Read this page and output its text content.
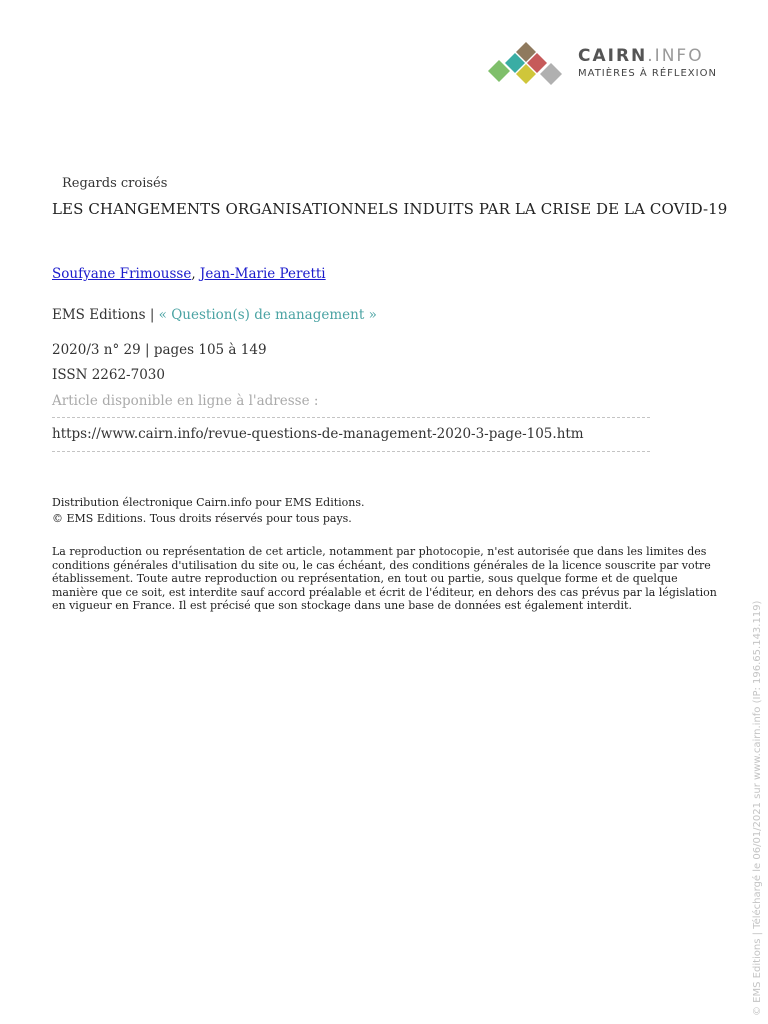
CAIRN.INFO
MATIÈRES À RÉFLEXION
Regards croisés
LES CHANGEMENTS ORGANISATIONNELS INDUITS PAR LA CRISE DE LA COVID-19
Soufyane Frimousse, Jean-Marie Peretti
EMS Editions | « Question(s) de management »
2020/3 n° 29 | pages 105 à 149
ISSN 2262-7030
Article disponible en ligne à l'adresse :
https://www.cairn.info/revue-questions-de-management-2020-3-page-105.htm
Distribution électronique Cairn.info pour EMS Editions.
© EMS Editions. Tous droits réservés pour tous pays.
La reproduction ou représentation de cet article, notamment par photocopie, n'est autorisée que dans les limites des conditions générales d'utilisation du site ou, le cas échéant, des conditions générales de la licence souscrite par votre établissement. Toute autre reproduction ou représentation, en tout ou partie, sous quelque forme et de quelque manière que ce soit, est interdite sauf accord préalable et écrit de l'éditeur, en dehors des cas prévus par la législation en vigueur en France. Il est précisé que son stockage dans une base de données est également interdit.	© EMS Editions | Téléchargé le 06/01/2021 sur www.cairn.info (IP: 196.65.143.119)
